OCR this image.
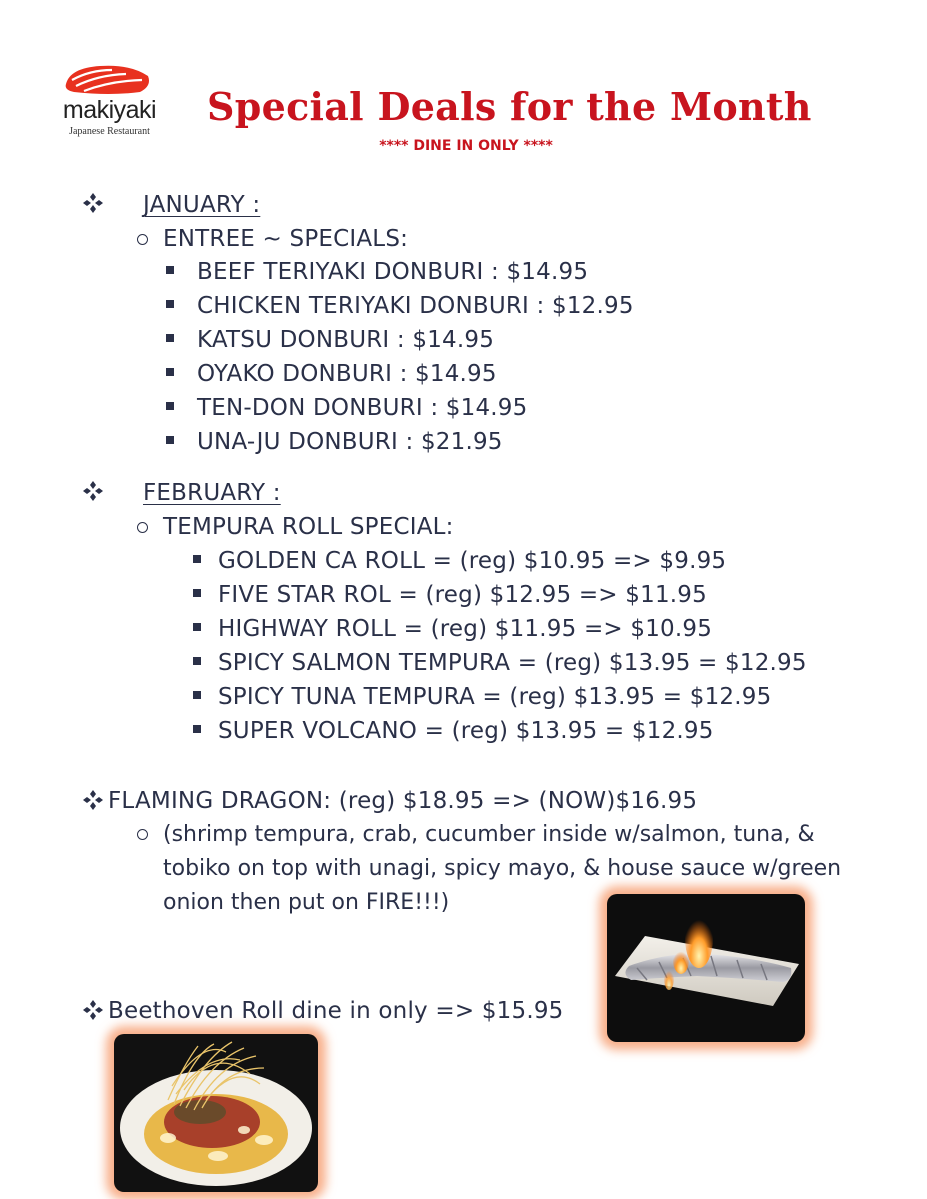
makiyaki
Japanese Restaurant
Special Deals for the Month
**** DINE IN ONLY ****
JANUARY :
ENTREE ~ SPECIALS:
BEEF TERIYAKI DONBURI : $14.95
CHICKEN TERIYAKI DONBURI : $12.95
KATSU DONBURI : $14.95
OYAKO DONBURI : $14.95
TEN-DON DONBURI : $14.95
UNA-JU DONBURI : $21.95
FEBRUARY :
TEMPURA ROLL SPECIAL:
GOLDEN CA ROLL = (reg) $10.95 => $9.95
FIVE STAR ROL = (reg) $12.95 => $11.95
HIGHWAY ROLL = (reg) $11.95 => $10.95
SPICY SALMON TEMPURA = (reg) $13.95 = $12.95
SPICY TUNA TEMPURA = (reg) $13.95 = $12.95
SUPER VOLCANO = (reg) $13.95 = $12.95
FLAMING DRAGON: (reg) $18.95 => (NOW)$16.95
(shrimp tempura, crab, cucumber inside w/salmon, tuna, & tobiko on top with unagi, spicy mayo, & house sauce w/green onion then put on FIRE!!!)
Beethoven Roll dine in only => $15.95
